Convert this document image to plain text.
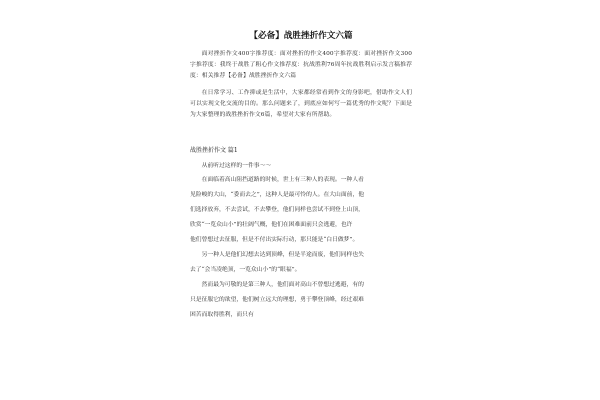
【必备】战胜挫折作文六篇

面对挫折作文400字推荐度：面对挫折的作文400字推荐度：面对挫折作文300字推荐度：我终于战胜了粗心作文推荐度：抗战胜利76周年抗战胜利启示发言稿推荐度：相关推荐【必备】战胜挫折作文六篇

在日常学习、工作抑或是生活中，大家都经常看到作文的身影吧，借助作文人们可以实现文化交流的目的。那么问题来了，到底应如何写一篇优秀的作文呢？下面是为大家整理的战胜挫折作文6篇，希望对大家有所帮助。

战胜挫折作文 篇1
从前听过这样的一件事～～
在面临着高山阻挡道路的时候，世上有三种人的表现。一种人看
见险峻的大山，“委而去之”，这种人是最可怜的人。在大山面前，他
们选择放弃，不去尝试，不去攀登，他们同样也尝试不到登上山顶，
欣赏“一览众山小”的壮阔气概，他们在困难面前只会逃避，也许
他们曾想过去征服，但是不付出实际行动，那只能是“白日做梦”。
另一种人是他们幻想去达到顶峰，但是半途而废，他们同样也失
去了“会当凌绝顶，一览众山小”的“眼福”。
然而最为可敬的是第三种人，他们面对高山不曾想过逃避，有的
只是征服它的欲望，他们树立远大的理想，勇于攀登顶峰，经过艰难
困苦而取得胜利，而只有
